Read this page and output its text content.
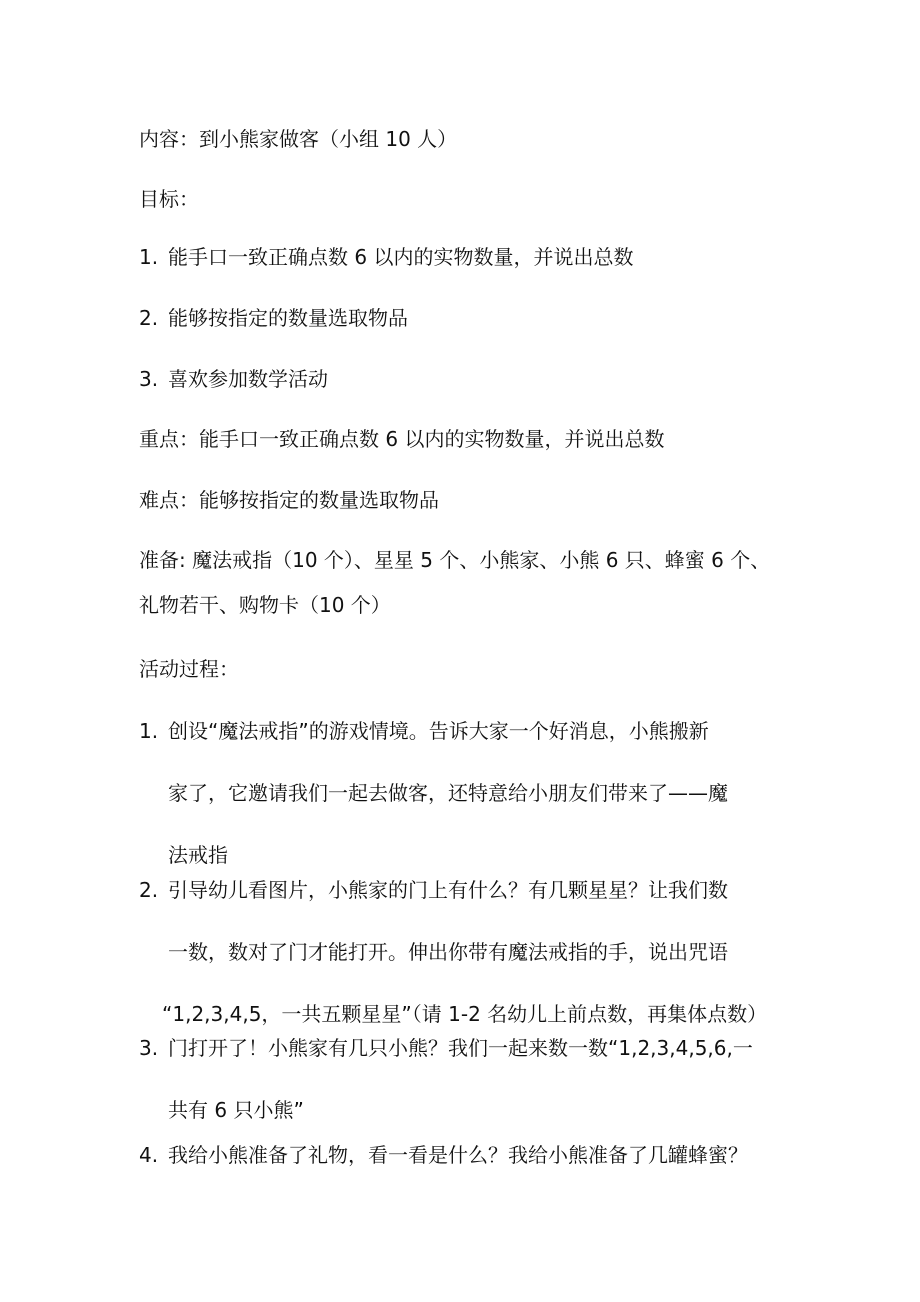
内容：到小熊家做客（小组 10 人）
目标：
1. 能手口一致正确点数 6 以内的实物数量，并说出总数
2. 能够按指定的数量选取物品
3. 喜欢参加数学活动
重点：能手口一致正确点数 6 以内的实物数量，并说出总数
难点：能够按指定的数量选取物品
准备: 魔法戒指（10 个）、星星 5 个、小熊家、小熊 6 只、蜂蜜 6 个、
礼物若干、购物卡（10 个）
活动过程：
1. 创设“魔法戒指”的游戏情境。告诉大家一个好消息，小熊搬新
家了，它邀请我们一起去做客，还特意给小朋友们带来了——魔
法戒指
2. 引导幼儿看图片，小熊家的门上有什么？有几颗星星？让我们数
一数，数对了门才能打开。伸出你带有魔法戒指的手，说出咒语
“1,2,3,4,5，一共五颗星星”（请 1-2 名幼儿上前点数，再集体点数）
3. 门打开了！小熊家有几只小熊？我们一起来数一数“1,2,3,4,5,6,一
共有 6 只小熊”
4. 我给小熊准备了礼物，看一看是什么？我给小熊准备了几罐蜂蜜？
